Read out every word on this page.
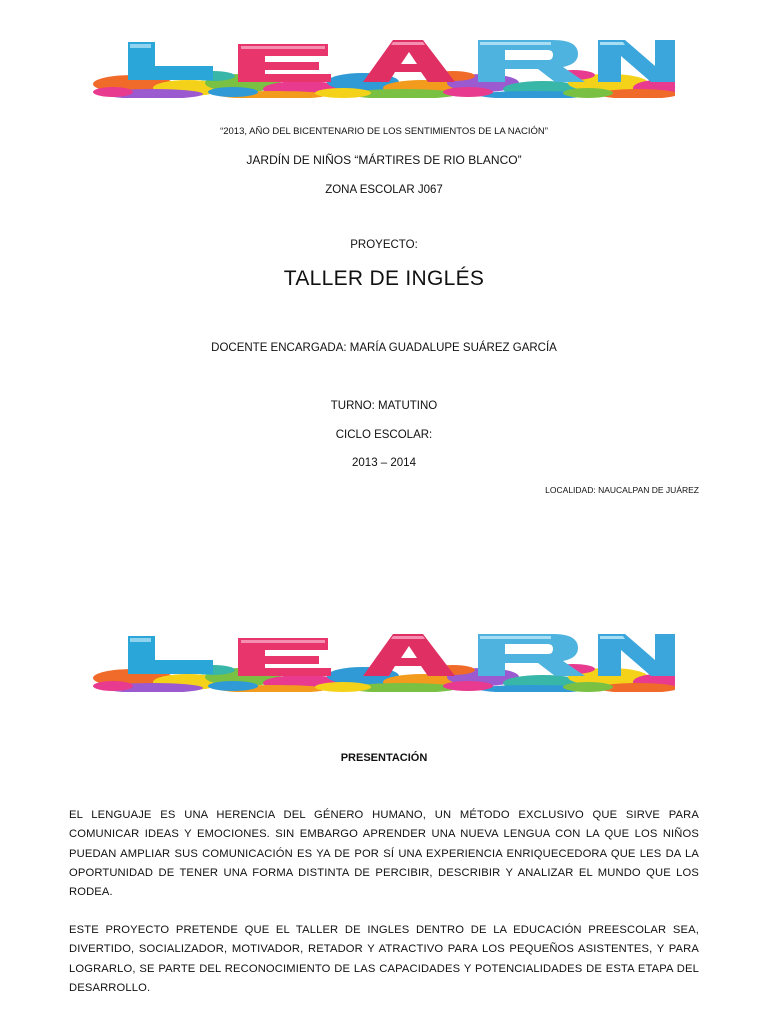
“2013, AÑO DEL BICENTENARIO DE LOS SENTIMIENTOS DE LA NACIÓN”
JARDÍN DE NIÑOS “MÁRTIRES DE RIO BLANCO”
ZONA ESCOLAR J067
PROYECTO:
TALLER DE INGLÉS
DOCENTE ENCARGADA: MARÍA GUADALUPE SUÁREZ GARCÍA
TURNO: MATUTINO
CICLO ESCOLAR:
2013 – 2014
LOCALIDAD: NAUCALPAN DE JUÁREZ
PRESENTACIÓN

EL LENGUAJE ES UNA HERENCIA DEL GÉNERO HUMANO, UN MÉTODO EXCLUSIVO QUE SIRVE PARA COMUNICAR IDEAS Y EMOCIONES. SIN EMBARGO APRENDER UNA NUEVA LENGUA CON LA QUE LOS NIÑOS PUEDAN AMPLIAR SUS COMUNICACIÓN ES YA DE POR SÍ UNA EXPERIENCIA ENRIQUECEDORA QUE LES DA LA OPORTUNIDAD DE TENER UNA FORMA DISTINTA DE PERCIBIR, DESCRIBIR Y ANALIZAR EL MUNDO QUE LOS RODEA.

ESTE PROYECTO PRETENDE QUE EL TALLER DE INGLES DENTRO DE LA EDUCACIÓN PREESCOLAR SEA, DIVERTIDO, SOCIALIZADOR, MOTIVADOR, RETADOR Y ATRACTIVO PARA LOS PEQUEÑOS ASISTENTES, Y PARA LOGRARLO, SE PARTE DEL RECONOCIMIENTO DE LAS CAPACIDADES Y POTENCIALIDADES DE ESTA ETAPA DEL DESARROLLO.
